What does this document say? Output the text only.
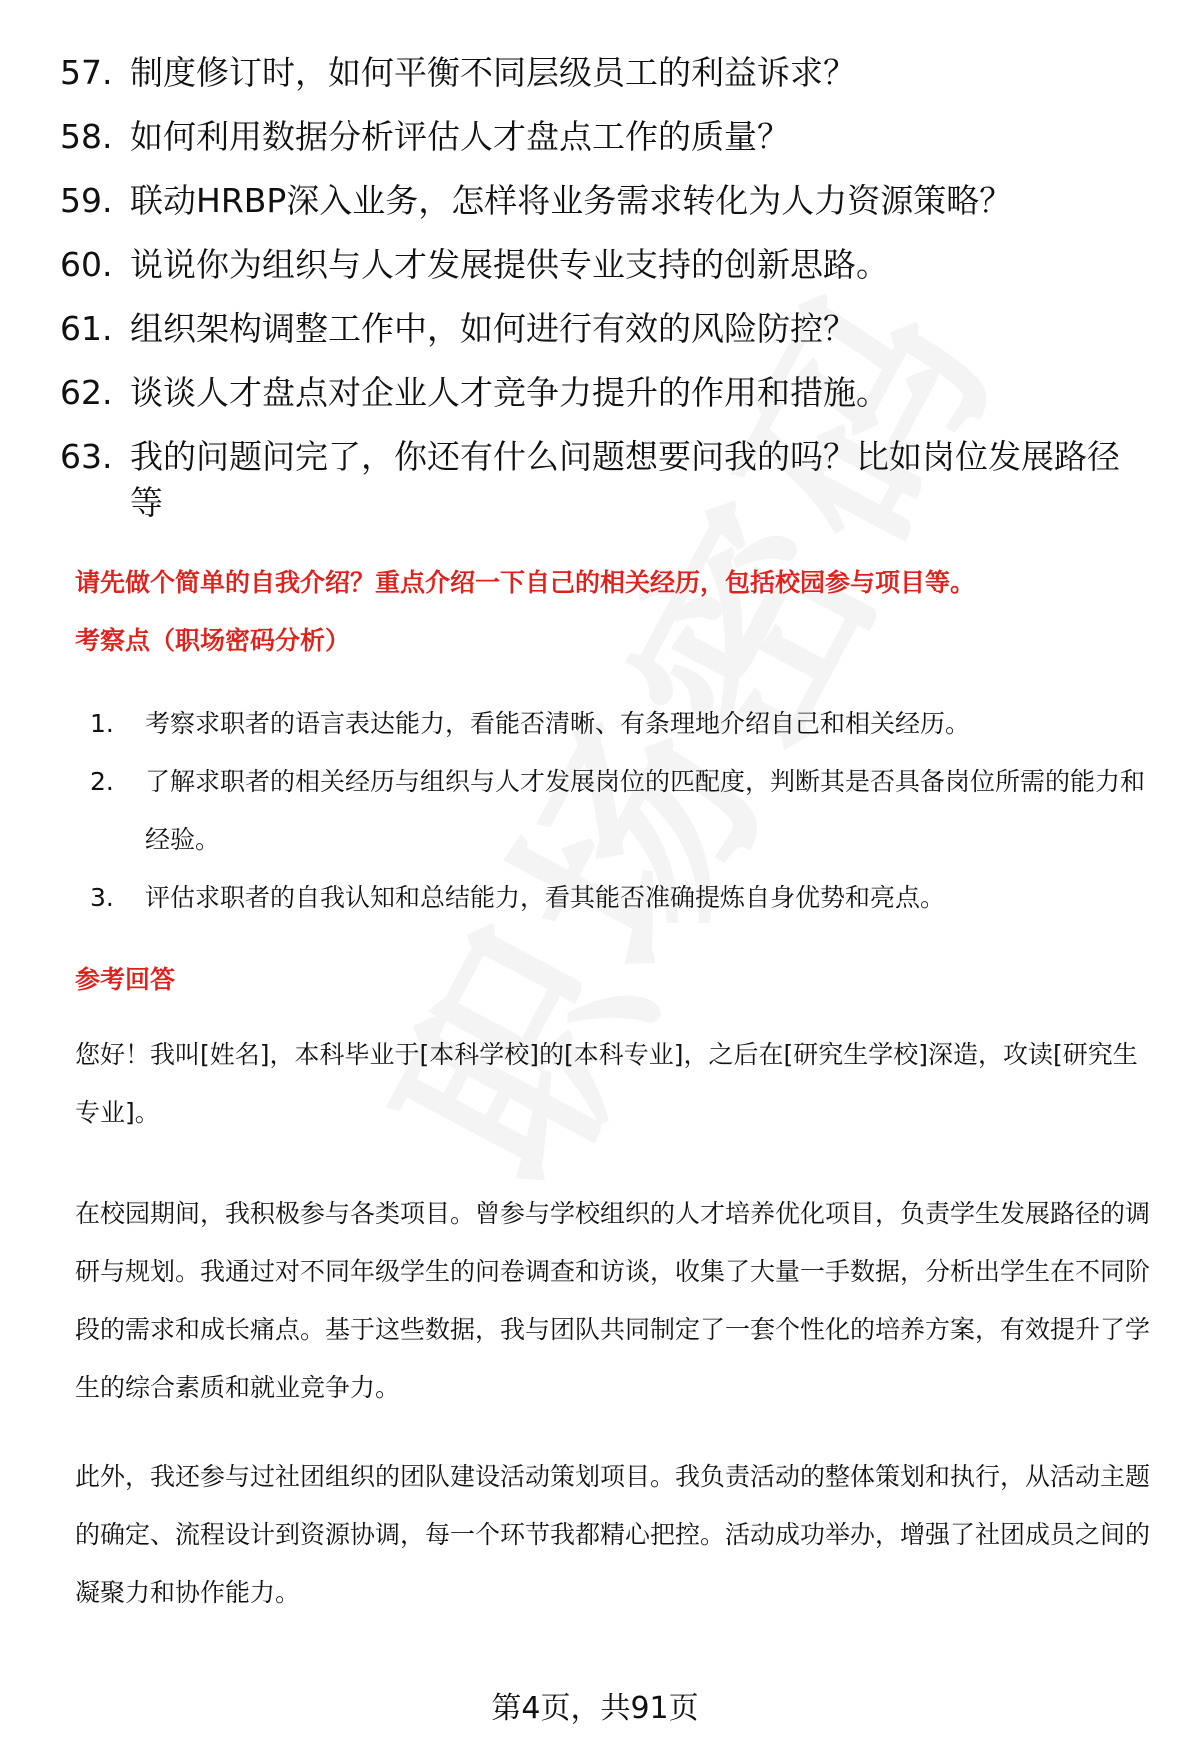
57. 制度修订时，如何平衡不同层级员工的利益诉求？
58. 如何利用数据分析评估人才盘点工作的质量？
59. 联动HRBP深入业务，怎样将业务需求转化为人力资源策略？
60. 说说你为组织与人才发展提供专业支持的创新思路。
61. 组织架构调整工作中，如何进行有效的风险防控？
62. 谈谈人才盘点对企业人才竞争力提升的作用和措施。
63. 我的问题问完了，你还有什么问题想要问我的吗？比如岗位发展路径等
请先做个简单的自我介绍？重点介绍一下自己的相关经历，包括校园参与项目等。
考察点（职场密码分析）
1.	考察求职者的语言表达能力，看能否清晰、有条理地介绍自己和相关经历。
2.	了解求职者的相关经历与组织与人才发展岗位的匹配度，判断其是否具备岗位所需的能力和经验。
3.	评估求职者的自我认知和总结能力，看其能否准确提炼自身优势和亮点。
参考回答

您好！我叫[姓名]，本科毕业于[本科学校]的[本科专业]，之后在[研究生学校]深造，攻读[研究生专业]。

在校园期间，我积极参与各类项目。曾参与学校组织的人才培养优化项目，负责学生发展路径的调研与规划。我通过对不同年级学生的问卷调查和访谈，收集了大量一手数据，分析出学生在不同阶段的需求和成长痛点。基于这些数据，我与团队共同制定了一套个性化的培养方案，有效提升了学生的综合素质和就业竞争力。

此外，我还参与过社团组织的团队建设活动策划项目。我负责活动的整体策划和执行，从活动主题的确定、流程设计到资源协调，每一个环节我都精心把控。活动成功举办，增强了社团成员之间的凝聚力和协作能力。

第4页，共91页
